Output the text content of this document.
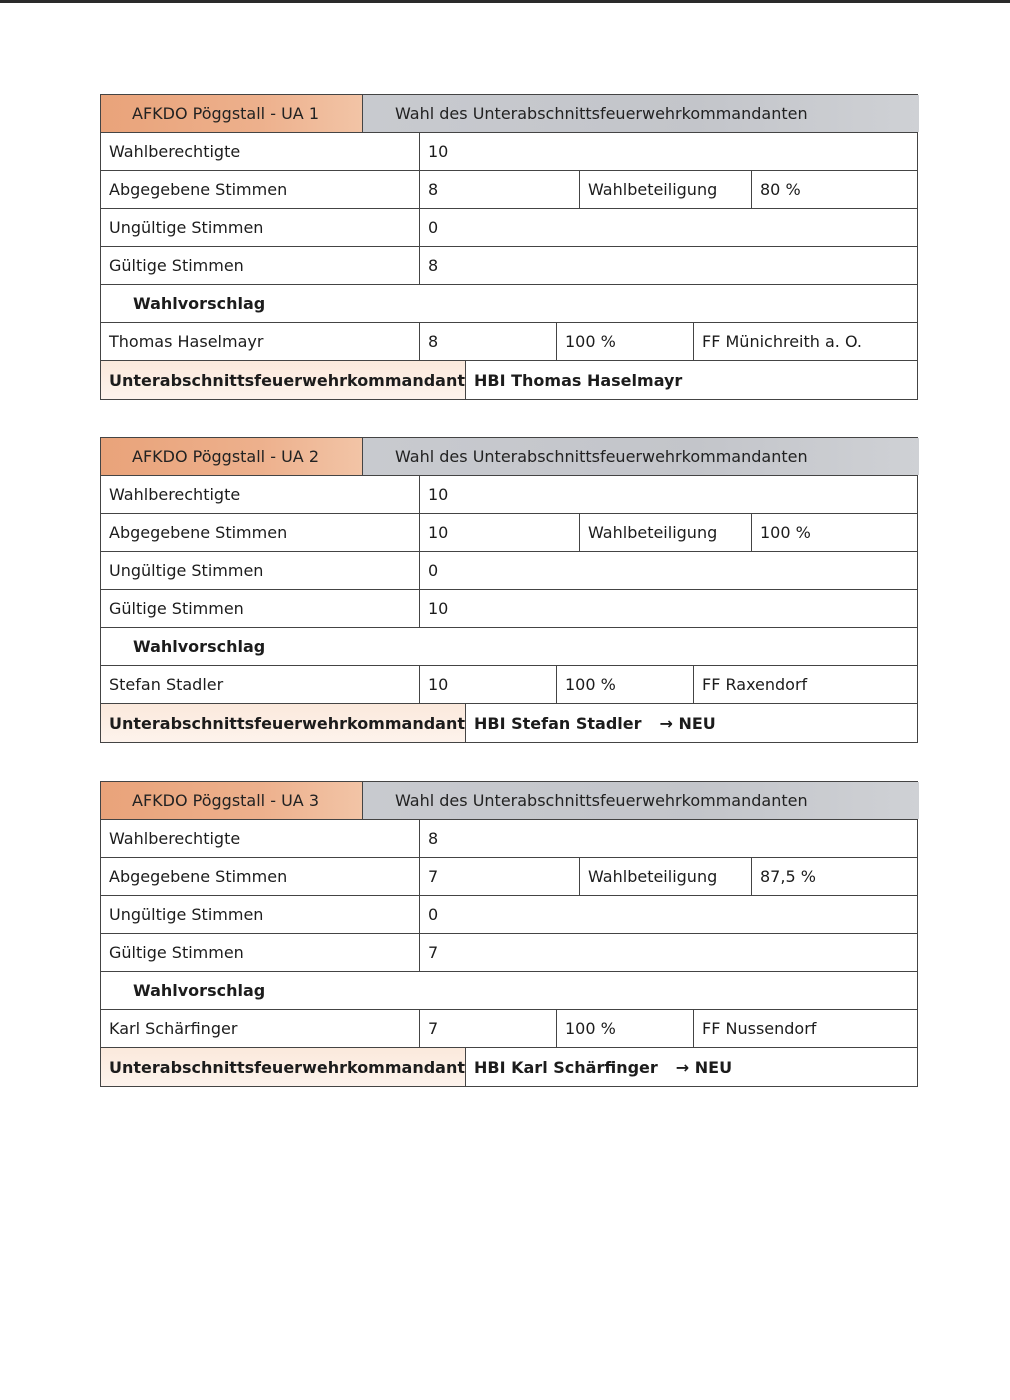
AFKDO Pöggstall - UA 1	Wahl des Unterabschnittsfeuerwehrkommandanten
Wahlberechtigte	10
Abgegebene Stimmen	8	Wahlbeteiligung	80 %
Ungültige Stimmen	0
Gültige Stimmen	8
Wahlvorschlag
Thomas Haselmayr	8	100 %	FF Münichreith a. O.
Unterabschnittsfeuerwehrkommandant HBI Thomas Haselmayr
AFKDO Pöggstall - UA 2	Wahl des Unterabschnittsfeuerwehrkommandanten
Wahlberechtigte	10
Abgegebene Stimmen	10	Wahlbeteiligung	100 %
Ungültige Stimmen	0
Gültige Stimmen	10
Wahlvorschlag
Stefan Stadler	10	100 %	FF Raxendorf
Unterabschnittsfeuerwehrkommandant HBI Stefan Stadler → NEU
AFKDO Pöggstall - UA 3	Wahl des Unterabschnittsfeuerwehrkommandanten
Wahlberechtigte	8
Abgegebene Stimmen	7	Wahlbeteiligung	87,5 %
Ungültige Stimmen	0
Gültige Stimmen	7
Wahlvorschlag
Karl Schärfinger	7	100 %	FF Nussendorf
Unterabschnittsfeuerwehrkommandant HBI Karl Schärfinger → NEU
